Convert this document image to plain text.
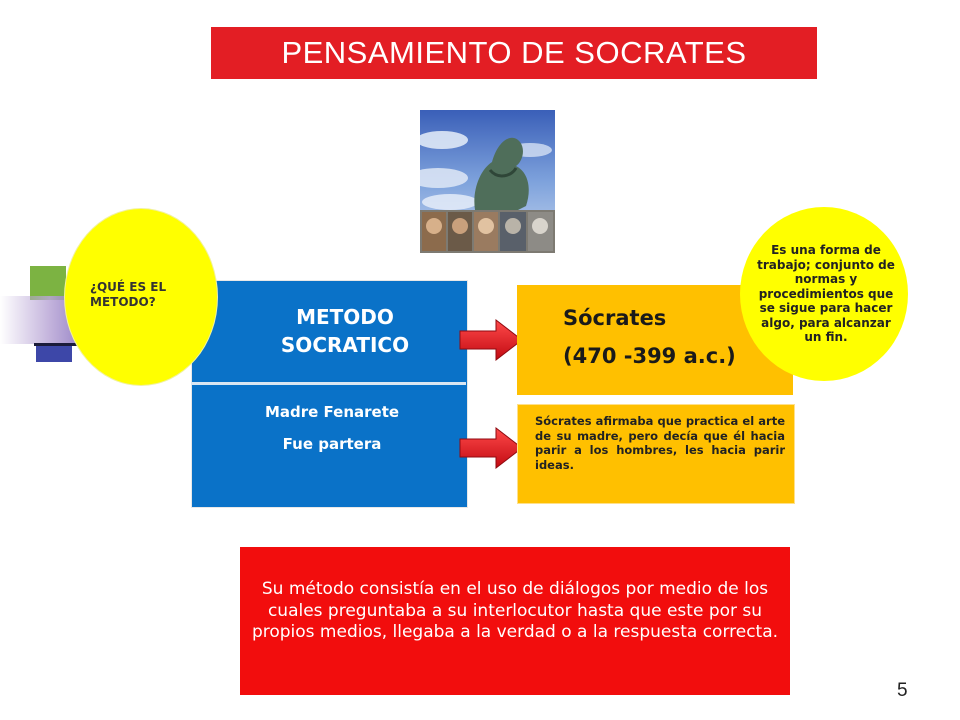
PENSAMIENTO DE SOCRATES
METODO
SOCRATICO
Madre Fenarete
Fue partera
¿QUÉ ES EL METODO?
Sócrates
(470 -399 a.c.)
Sócrates afirmaba que practica el arte de su madre, pero decía que él hacia parir a los hombres, les hacia parir ideas.
Es una forma de trabajo; conjunto de normas y procedimientos que se sigue para hacer algo, para alcanzar un fin.
Su método consistía en el uso de diálogos por medio de los cuales preguntaba a su interlocutor hasta que este por su propios medios, llegaba a la verdad o a la respuesta correcta.
5
